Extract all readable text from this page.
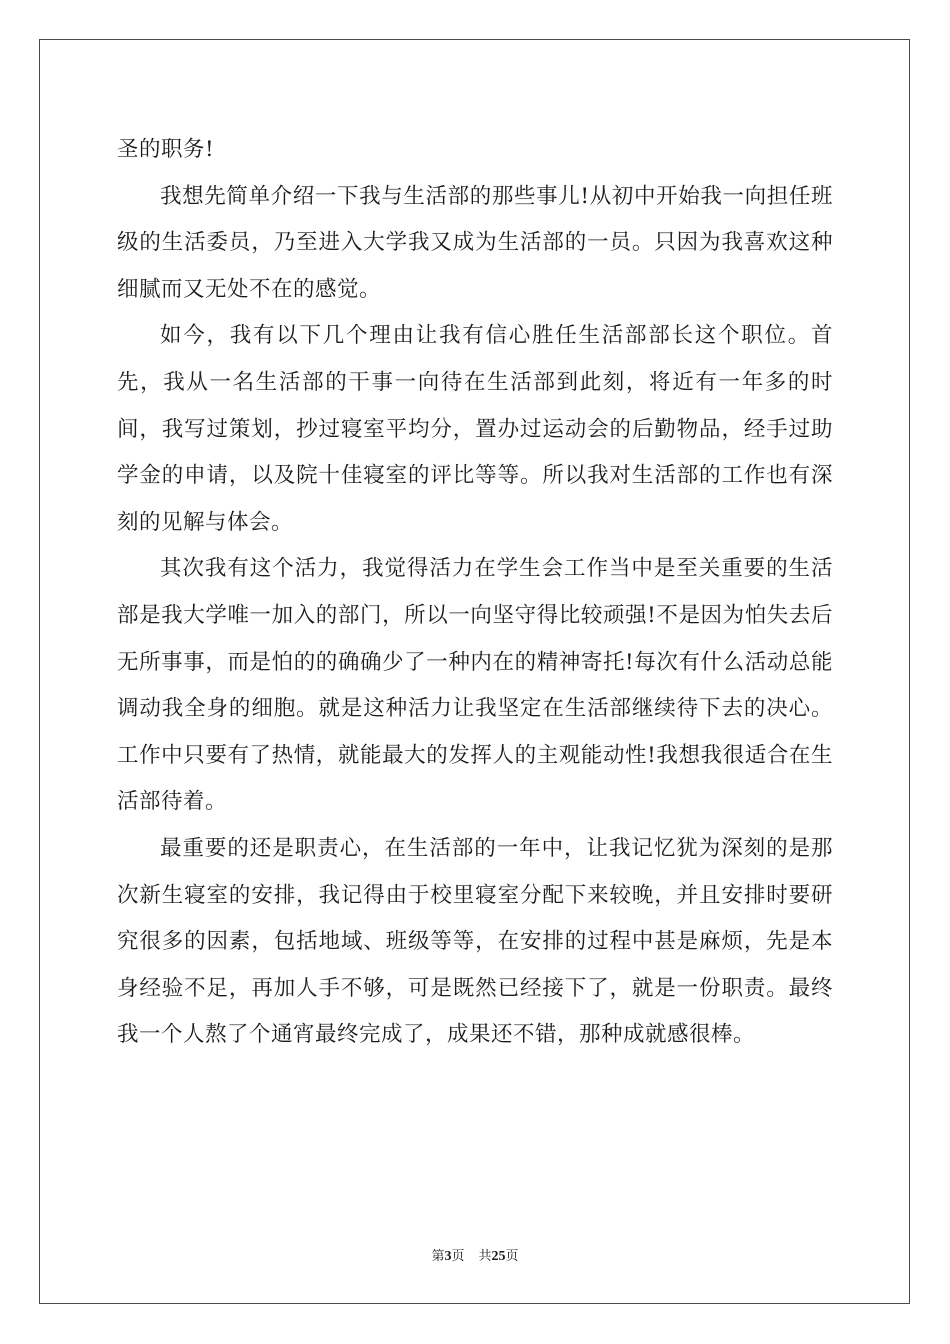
圣的职务!

我想先简单介绍一下我与生活部的那些事儿!从初中开始我一向担任班级的生活委员，乃至进入大学我又成为生活部的一员。只因为我喜欢这种细腻而又无处不在的感觉。

如今，我有以下几个理由让我有信心胜任生活部部长这个职位。首先，我从一名生活部的干事一向待在生活部到此刻，将近有一年多的时间，我写过策划，抄过寝室平均分，置办过运动会的后勤物品，经手过助学金的申请，以及院十佳寝室的评比等等。所以我对生活部的工作也有深刻的见解与体会。

其次我有这个活力，我觉得活力在学生会工作当中是至关重要的生活部是我大学唯一加入的部门，所以一向坚守得比较顽强!不是因为怕失去后无所事事，而是怕的的确确少了一种内在的精神寄托!每次有什么活动总能调动我全身的细胞。就是这种活力让我坚定在生活部继续待下去的决心。工作中只要有了热情，就能最大的发挥人的主观能动性!我想我很适合在生活部待着。

最重要的还是职责心，在生活部的一年中，让我记忆犹为深刻的是那次新生寝室的安排，我记得由于校里寝室分配下来较晚，并且安排时要研究很多的因素，包括地域、班级等等，在安排的过程中甚是麻烦，先是本身经验不足，再加人手不够，可是既然已经接下了，就是一份职责。最终我一个人熬了个通宵最终完成了，成果还不错，那种成就感很棒。

第3页 共25页
